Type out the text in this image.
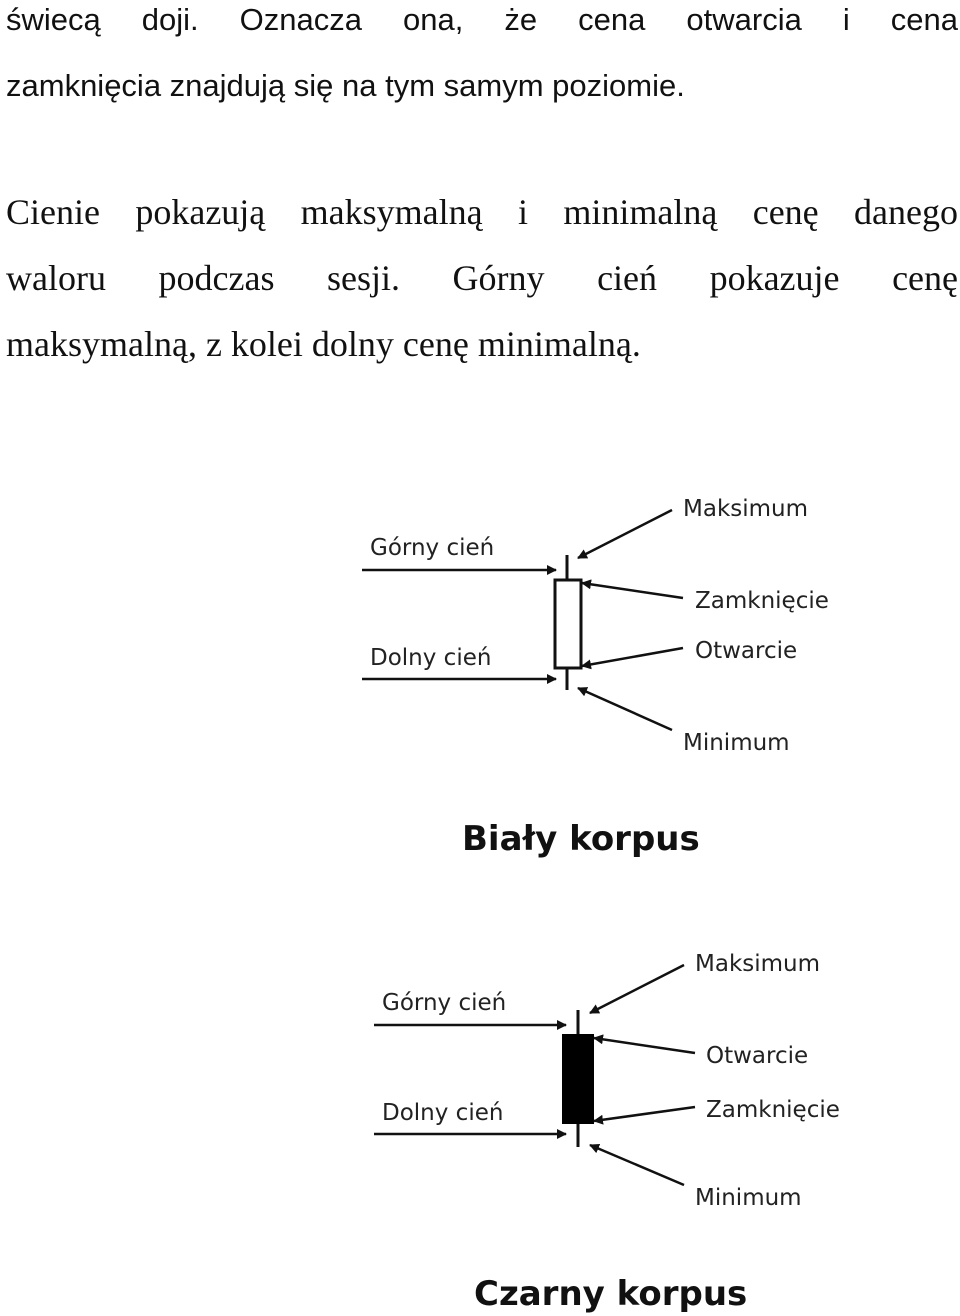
świecą doji. Oznacza ona, że cena otwarcia i cena
zamknięcia znajdują się na tym samym poziomie.
Cienie pokazują maksymalną i minimalną cenę danego
waloru podczas sesji. Górny cień pokazuje cenę
maksymalną, z kolei dolny cenę minimalną.
Górny cień
Dolny cień
Maksimum
Zamknięcie
Otwarcie
Minimum
Biały korpus
Górny cień
Dolny cień
Maksimum
Otwarcie
Zamknięcie
Minimum
Czarny korpus
